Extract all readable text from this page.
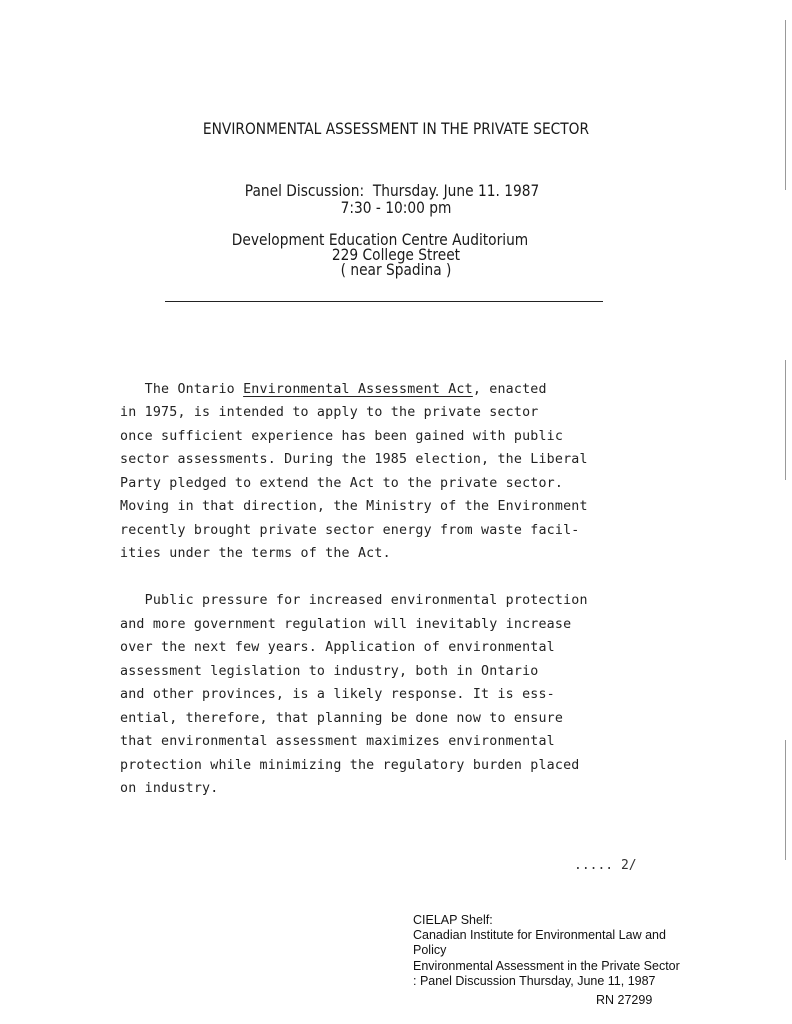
ENVIRONMENTAL ASSESSMENT IN THE PRIVATE SECTOR
Panel Discussion:  Thursday. June 11. 1987
7:30 - 10:00 pm
Development Education Centre Auditorium
229 College Street
( near Spadina )
The Ontario Environmental Assessment Act, enacted
in 1975, is intended to apply to the private sector
once sufficient experience has been gained with public
sector assessments. During the 1985 election, the Liberal
Party pledged to extend the Act to the private sector.
Moving in that direction, the Ministry of the Environment
recently brought private sector energy from waste facil-
ities under the terms of the Act.
Public pressure for increased environmental protection
and more government regulation will inevitably increase
over the next few years. Application of environmental
assessment legislation to industry, both in Ontario
and other provinces, is a likely response. It is ess-
ential, therefore, that planning be done now to ensure
that environmental assessment maximizes environmental
protection while minimizing the regulatory burden placed
on industry.
..... 2/
CIELAP Shelf:
Canadian Institute for Environmental Law and
Policy
Environmental Assessment in the Private Sector
: Panel Discussion Thursday, June 11, 1987
RN 27299
